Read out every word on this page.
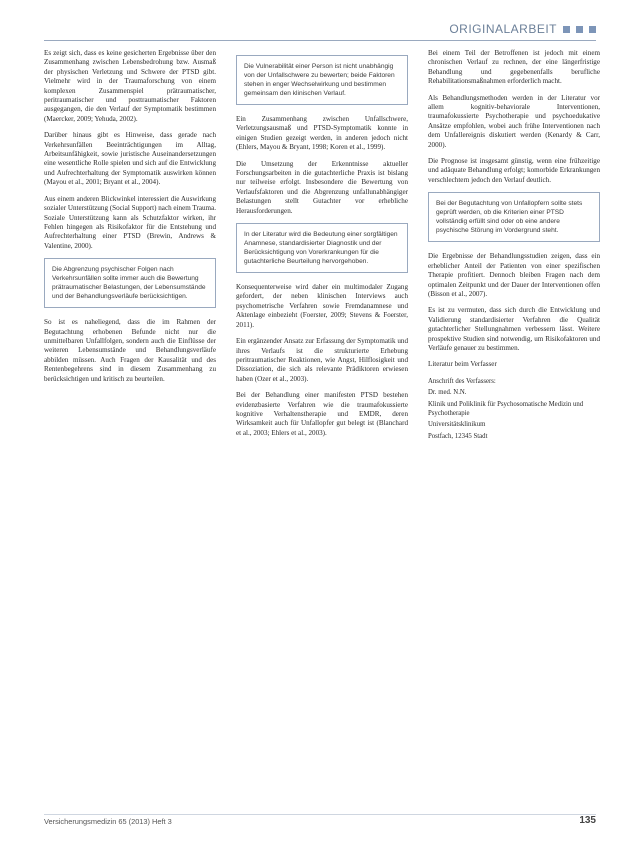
ORIGINALARBEIT

Es zeigt sich, dass es keine gesicherten Ergebnisse über den Zusammenhang zwischen Lebensbedrohung bzw. Ausmaß der physischen Verletzung und Schwere der PTSD gibt. Vielmehr wird in der Traumaforschung von einem komplexen Zusammenspiel prätraumatischer, peritraumatischer und posttraumatischer Faktoren ausgegangen, die den Verlauf der Symptomatik bestimmen (Maercker, 2009; Yehuda, 2002).

Darüber hinaus gibt es Hinweise, dass gerade nach Verkehrsunfällen Beeinträchtigungen im Alltag, Arbeitsunfähigkeit, sowie juristische Auseinandersetzungen eine wesentliche Rolle spielen und sich auf die Entwicklung und Aufrechterhaltung der Symptomatik auswirken können (Mayou et al., 2001; Bryant et al., 2004).

Aus einem anderen Blickwinkel interessiert die Auswirkung sozialer Unterstützung (Social Support) nach einem Trauma. Soziale Unterstützung kann als Schutzfaktor wirken, ihr Fehlen hingegen als Risikofaktor für die Entstehung und Aufrechterhaltung einer PTSD (Brewin, Andrews & Valentine, 2000).

Die Abgrenzung psychischer Folgen nach Verkehrsunfällen sollte immer auch die Bewertung prätraumatischer Belastungen, der Lebensumstände und der Behandlungsverläufe berücksichtigen.

So ist es naheliegend, dass die im Rahmen der Begutachtung erhobenen Befunde nicht nur die unmittelbaren Unfallfolgen, sondern auch die Einflüsse der weiteren Lebensumstände und Behandlungsverläufe abbilden müssen. Auch Fragen der Kausalität und des Rentenbegehrens sind in diesem Zusammenhang zu berücksichtigen und kritisch zu beurteilen.

Die Vulnerabilität einer Person ist nicht unabhängig von der Unfallschwere zu bewerten; beide Faktoren stehen in enger Wechselwirkung und bestimmen gemeinsam den klinischen Verlauf.

Ein Zusammenhang zwischen Unfallschwere, Verletzungsausmaß und PTSD-Symptomatik konnte in einigen Studien gezeigt werden, in anderen jedoch nicht (Ehlers, Mayou & Bryant, 1998; Koren et al., 1999).

Die Umsetzung der Erkenntnisse aktueller Forschungsarbeiten in die gutachterliche Praxis ist bislang nur teilweise erfolgt. Insbesondere die Bewertung von Verlaufsfaktoren und die Abgrenzung unfallunabhängiger Belastungen stellt Gutachter vor erhebliche Herausforderungen.

In der Literatur wird die Bedeutung einer sorgfältigen Anamnese, standardisierter Diagnostik und der Berücksichtigung von Vorerkrankungen für die gutachterliche Beurteilung hervorgehoben.

Konsequenterweise wird daher ein multimodaler Zugang gefordert, der neben klinischen Interviews auch psychometrische Verfahren sowie Fremdanamnese und Aktenlage einbezieht (Foerster, 2009; Stevens & Foerster, 2011).

Ein ergänzender Ansatz zur Erfassung der Symptomatik und ihres Verlaufs ist die strukturierte Erhebung peritraumatischer Reaktionen, wie Angst, Hilflosigkeit und Dissoziation, die sich als relevante Prädiktoren erwiesen haben (Ozer et al., 2003).

Bei der Behandlung einer manifesten PTSD bestehen evidenzbasierte Verfahren wie die traumafokussierte kognitive Verhaltenstherapie und EMDR, deren Wirksamkeit auch für Unfallopfer gut belegt ist (Blanchard et al., 2003; Ehlers et al., 2003).

Bei einem Teil der Betroffenen ist jedoch mit einem chronischen Verlauf zu rechnen, der eine längerfristige Behandlung und gegebenenfalls berufliche Rehabilitationsmaßnahmen erforderlich macht.

Als Behandlungsmethoden werden in der Literatur vor allem kognitiv-behaviorale Interventionen, traumafokussierte Psychotherapie und psychoedukative Ansätze empfohlen, wobei auch frühe Interventionen nach dem Unfallereignis diskutiert werden (Kenardy & Carr, 2000).

Die Prognose ist insgesamt günstig, wenn eine frühzeitige und adäquate Behandlung erfolgt; komorbide Erkrankungen verschlechtern jedoch den Verlauf deutlich.

Bei der Begutachtung von Unfallopfern sollte stets geprüft werden, ob die Kriterien einer PTSD vollständig erfüllt sind oder ob eine andere psychische Störung im Vordergrund steht.

Die Ergebnisse der Behandlungsstudien zeigen, dass ein erheblicher Anteil der Patienten von einer spezifischen Therapie profitiert. Dennoch bleiben Fragen nach dem optimalen Zeitpunkt und der Dauer der Interventionen offen (Bisson et al., 2007).

Es ist zu vermuten, dass sich durch die Entwicklung und Validierung standardisierter Verfahren die Qualität gutachterlicher Stellungnahmen verbessern lässt. Weitere prospektive Studien sind notwendig, um Risikofaktoren und Verläufe genauer zu bestimmen.

Literatur beim Verfasser

Anschrift des Verfassers:

Dr. med. N.N.

Klinik und Poliklinik für Psychosomatische Medizin und Psychotherapie

Universitätsklinikum

Postfach, 12345 Stadt

Versicherungsmedizin 65 (2013) Heft 3	135
